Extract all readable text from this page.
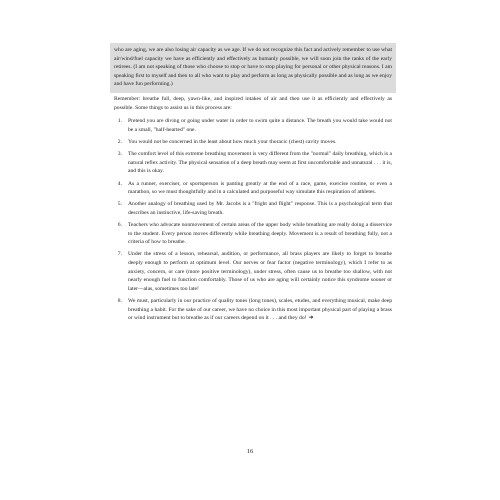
who are aging, we are also losing air capacity as we age. If we do not recognize this fact and actively remember to use what air/wind/fuel capacity we have as efficiently and effectively as humanly possible, we will soon join the ranks of the early retirees. (I am not speaking of those who choose to stop or have to stop playing for personal or other physical reasons. I am speaking first to myself and then to all who want to play and perform as long as physically possible and as long as we enjoy and have fun performing.)

Remember: breathe full, deep, yawn-like, and inspired intakes of air and then use it as efficiently and effectively as possible. Some things to assist us in this process are:

1.	Pretend you are diving or going under water in order to swim quite a distance. The breath you would take would not be a small, "half-hearted" one.
2.	You would not be concerned in the least about how much your thoracic (chest) cavity moves.
3.	The comfort level of this extreme breathing movement is very different from the "normal" daily breathing, which is a natural reflex activity. The physical sensation of a deep breath may seem at first uncomfortable and unnatural . . . it is, and this is okay.
4.	As a runner, exerciser, or sportsperson is panting greatly at the end of a race, game, exercise routine, or even a marathon, so we must thoughtfully and in a calculated and purposeful way simulate this respiration of athletes.
5.	Another analogy of breathing used by Mr. Jacobs is a "fright and flight" response. This is a psychological term that describes an instinctive, life-saving breath.
6.	Teachers who advocate nonmovement of certain areas of the upper body while breathing are really doing a disservice to the student. Every person moves differently while breathing deeply. Movement is a result of breathing fully, not a criteria of how to breathe.
7.	Under the stress of a lesson, rehearsal, audition, or performance, all brass players are likely to forget to breathe deeply enough to perform at optimum level. Our nerves or fear factor (negative terminology), which I refer to as anxiety, concern, or care (more positive terminology), under stress, often cause us to breathe too shallow, with not nearly enough fuel to function comfortably. Those of us who are aging will certainly notice this syndrome sooner or later—alas, sometimes too late!
8.	We must, particularly in our practice of quality tones (long tones), scales, etudes, and everything musical, make deep breathing a habit. For the sake of our career, we have no choice in this most important physical part of playing a brass or wind instrument but to breathe as if our careers depend on it . . . and they do! ➜
16
